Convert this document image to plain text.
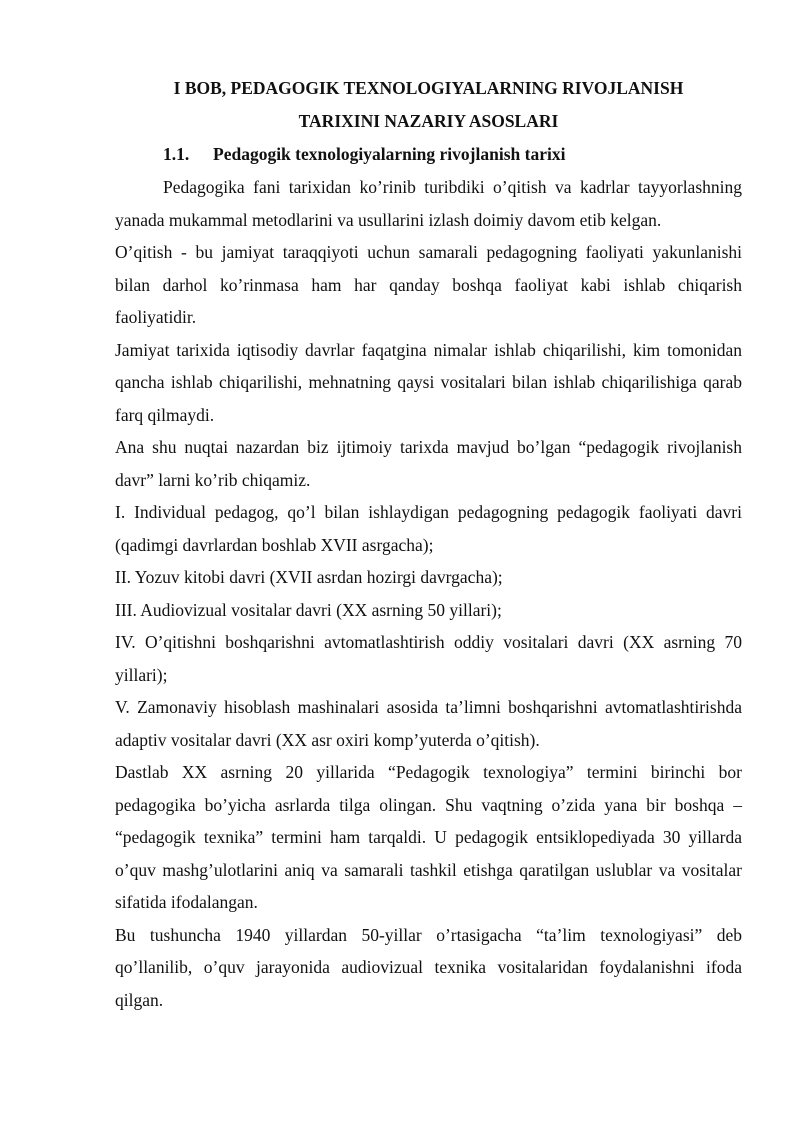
I BOB, PEDAGOGIK TEXNOLOGIYALARNING RIVOJLANISH
TARIXINI NAZARIY ASOSLARI
1.1. Pedagogik texnologiyalarning rivojlanish tarixi

Pedagogika fani tarixidan ko’rinib turibdiki o’qitish va kadrlar tayyorlashning yanada mukammal metodlarini va usullarini izlash doimiy davom etib kelgan.

O’qitish - bu jamiyat taraqqiyoti uchun samarali pedagogning faoliyati yakunlanishi bilan darhol ko’rinmasa ham har qanday boshqa faoliyat kabi ishlab chiqarish faoliyatidir.

Jamiyat tarixida iqtisodiy davrlar faqatgina nimalar ishlab chiqarilishi, kim tomonidan qancha ishlab chiqarilishi, mehnatning qaysi vositalari bilan ishlab chiqarilishiga qarab farq qilmaydi.

Ana shu nuqtai nazardan biz ijtimoiy tarixda mavjud bo’lgan “pedagogik rivojlanish davr” larni ko’rib chiqamiz.

I. Individual pedagog, qo’l bilan ishlaydigan pedagogning pedagogik faoliyati davri (qadimgi davrlardan boshlab XVII asrgacha);

II. Yozuv kitobi davri (XVII asrdan hozirgi davrgacha);

III. Audiovizual vositalar davri (XX asrning 50 yillari);

IV. O’qitishni boshqarishni avtomatlashtirish oddiy vositalari davri (XX asrning 70 yillari);

V. Zamonaviy hisoblash mashinalari asosida ta’limni boshqarishni avtomatlashtirishda adaptiv vositalar davri (XX asr oxiri komp’yuterda o’qitish).

Dastlab XX asrning 20 yillarida “Pedagogik texnologiya” termini birinchi bor pedagogika bo’yicha asrlarda tilga olingan. Shu vaqtning o’zida yana bir boshqa – “pedagogik texnika” termini ham tarqaldi. U pedagogik entsiklopediyada 30 yillarda o’quv mashg’ulotlarini aniq va samarali tashkil etishga qaratilgan uslublar va vositalar sifatida ifodalangan.

Bu tushuncha 1940 yillardan 50-yillar o’rtasigacha “ta’lim texnologiyasi” deb qo’llanilib, o’quv jarayonida audiovizual texnika vositalaridan foydalanishni ifoda qilgan.
